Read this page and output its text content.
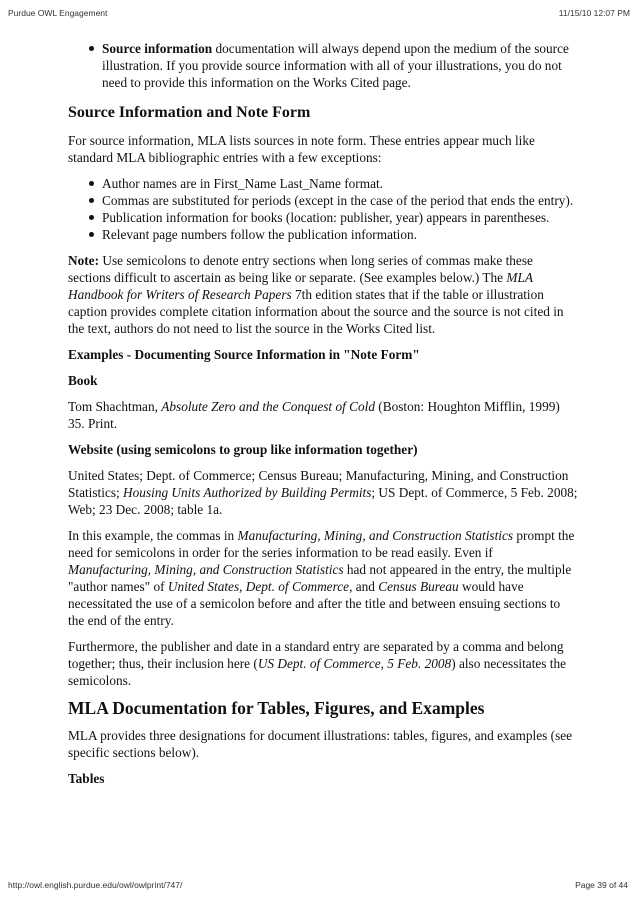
Purdue OWL Engagement	11/15/10 12:07 PM
Source information documentation will always depend upon the medium of the source illustration. If you provide source information with all of your illustrations, you do not need to provide this information on the Works Cited page.
Source Information and Note Form

For source information, MLA lists sources in note form. These entries appear much like standard MLA bibliographic entries with a few exceptions:

Author names are in First_Name Last_Name format.
Commas are substituted for periods (except in the case of the period that ends the entry).
Publication information for books (location: publisher, year) appears in parentheses.
Relevant page numbers follow the publication information.

Note: Use semicolons to denote entry sections when long series of commas make these sections difficult to ascertain as being like or separate. (See examples below.) The MLA Handbook for Writers of Research Papers 7th edition states that if the table or illustration caption provides complete citation information about the source and the source is not cited in the text, authors do not need to list the source in the Works Cited list.

Examples - Documenting Source Information in "Note Form"
Book

Tom Shachtman, Absolute Zero and the Conquest of Cold (Boston: Houghton Mifflin, 1999) 35. Print.

Website (using semicolons to group like information together)

United States; Dept. of Commerce; Census Bureau; Manufacturing, Mining, and Construction Statistics; Housing Units Authorized by Building Permits; US Dept. of Commerce, 5 Feb. 2008; Web; 23 Dec. 2008; table 1a.

In this example, the commas in Manufacturing, Mining, and Construction Statistics prompt the need for semicolons in order for the series information to be read easily. Even if Manufacturing, Mining, and Construction Statistics had not appeared in the entry, the multiple "author names" of United States, Dept. of Commerce, and Census Bureau would have necessitated the use of a semicolon before and after the title and between ensuing sections to the end of the entry.

Furthermore, the publisher and date in a standard entry are separated by a comma and belong together; thus, their inclusion here (US Dept. of Commerce, 5 Feb. 2008) also necessitates the semicolons.

MLA Documentation for Tables, Figures, and Examples

MLA provides three designations for document illustrations: tables, figures, and examples (see specific sections below).

Tables
http://owl.english.purdue.edu/owl/owlprint/747/	Page 39 of 44
